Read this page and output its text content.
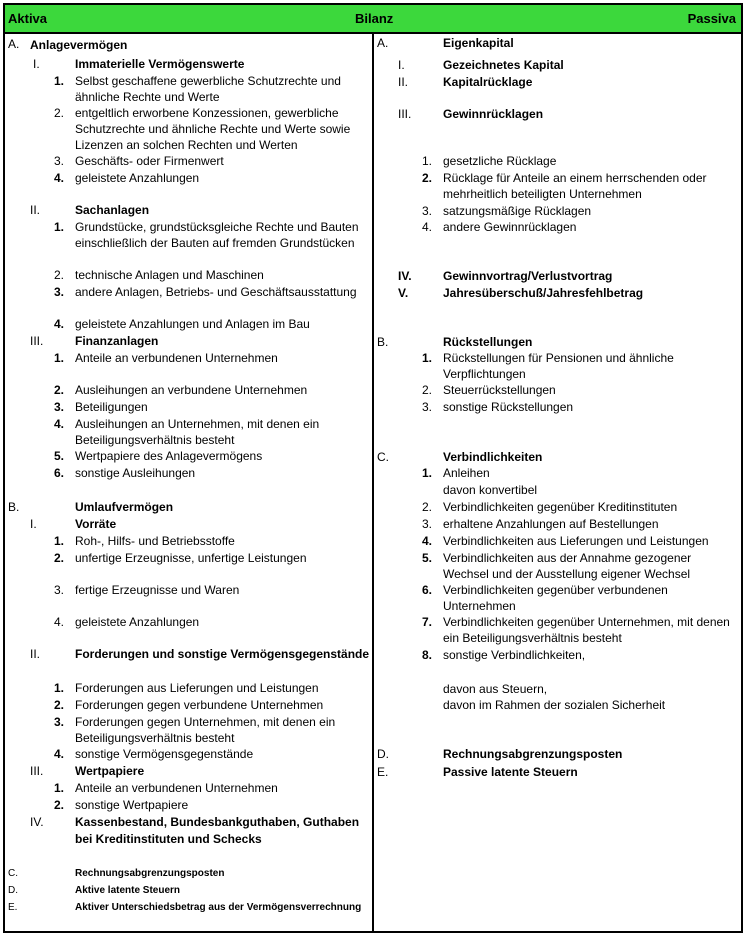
Aktiva	Bilanz	Passiva
A. Anlagevermögen
I.	Immaterielle Vermögenswerte
1. Selbst geschaffene gewerbliche Schutzrechte und
ähnliche Rechte und Werte
2. entgeltlich erworbene Konzessionen, gewerbliche
Schutzrechte und ähnliche Rechte und Werte sowie
Lizenzen an solchen Rechten und Werten
3. Geschäfts- oder Firmenwert
4. geleistete Anzahlungen
II.	Sachanlagen
1. Grundstücke, grundstücksgleiche Rechte und Bauten
einschließlich der Bauten auf fremden Grundstücken
2. technische Anlagen und Maschinen
3. andere Anlagen, Betriebs- und Geschäftsausstattung
4. geleistete Anzahlungen und Anlagen im Bau
III.	Finanzanlagen
1. Anteile an verbundenen Unternehmen
2. Ausleihungen an verbundene Unternehmen
3. Beteiligungen
4. Ausleihungen an Unternehmen, mit denen ein
Beteiligungsverhältnis besteht
5. Wertpapiere des Anlagevermögens
6. sonstige Ausleihungen
B.	Umlaufvermögen
I.	Vorräte
1. Roh-, Hilfs- und Betriebsstoffe
2. unfertige Erzeugnisse, unfertige Leistungen
3. fertige Erzeugnisse und Waren
4. geleistete Anzahlungen
II.	Forderungen und sonstige Vermögensgegenstände
1. Forderungen aus Lieferungen und Leistungen
2. Forderungen gegen verbundene Unternehmen
3. Forderungen gegen Unternehmen, mit denen ein
Beteiligungsverhältnis besteht
4. sonstige Vermögensgegenstände
III.	Wertpapiere
1. Anteile an verbundenen Unternehmen
2. sonstige Wertpapiere
IV.	Kassenbestand, Bundesbankguthaben, Guthaben
bei Kreditinstituten und Schecks
C.	Rechnungsabgrenzungsposten
D.	Aktive latente Steuern
E.	Aktiver Unterschiedsbetrag aus der Vermögensverrechnung
A.	Eigenkapital
I.	Gezeichnetes Kapital
II.	Kapitalrücklage
III.	Gewinnrücklagen
1. gesetzliche Rücklage
2. Rücklage für Anteile an einem herrschenden oder
mehrheitlich beteiligten Unternehmen
3. satzungsmäßige Rücklagen
4. andere Gewinnrücklagen
IV.	Gewinnvortrag/Verlustvortrag
V.	Jahresüberschuß/Jahresfehlbetrag
B.	Rückstellungen
1. Rückstellungen für Pensionen und ähnliche
Verpflichtungen
2. Steuerrückstellungen
3. sonstige Rückstellungen
C.	Verbindlichkeiten
1. Anleihen
davon konvertibel
2. Verbindlichkeiten gegenüber Kreditinstituten
3. erhaltene Anzahlungen auf Bestellungen
4. Verbindlichkeiten aus Lieferungen und Leistungen
5. Verbindlichkeiten aus der Annahme gezogener
Wechsel und der Ausstellung eigener Wechsel
6. Verbindlichkeiten gegenüber verbundenen
Unternehmen
7. Verbindlichkeiten gegenüber Unternehmen, mit denen
ein Beteiligungsverhältnis besteht
8. sonstige Verbindlichkeiten,
davon aus Steuern,
davon im Rahmen der sozialen Sicherheit
D.	Rechnungsabgrenzungsposten
E.	Passive latente Steuern
